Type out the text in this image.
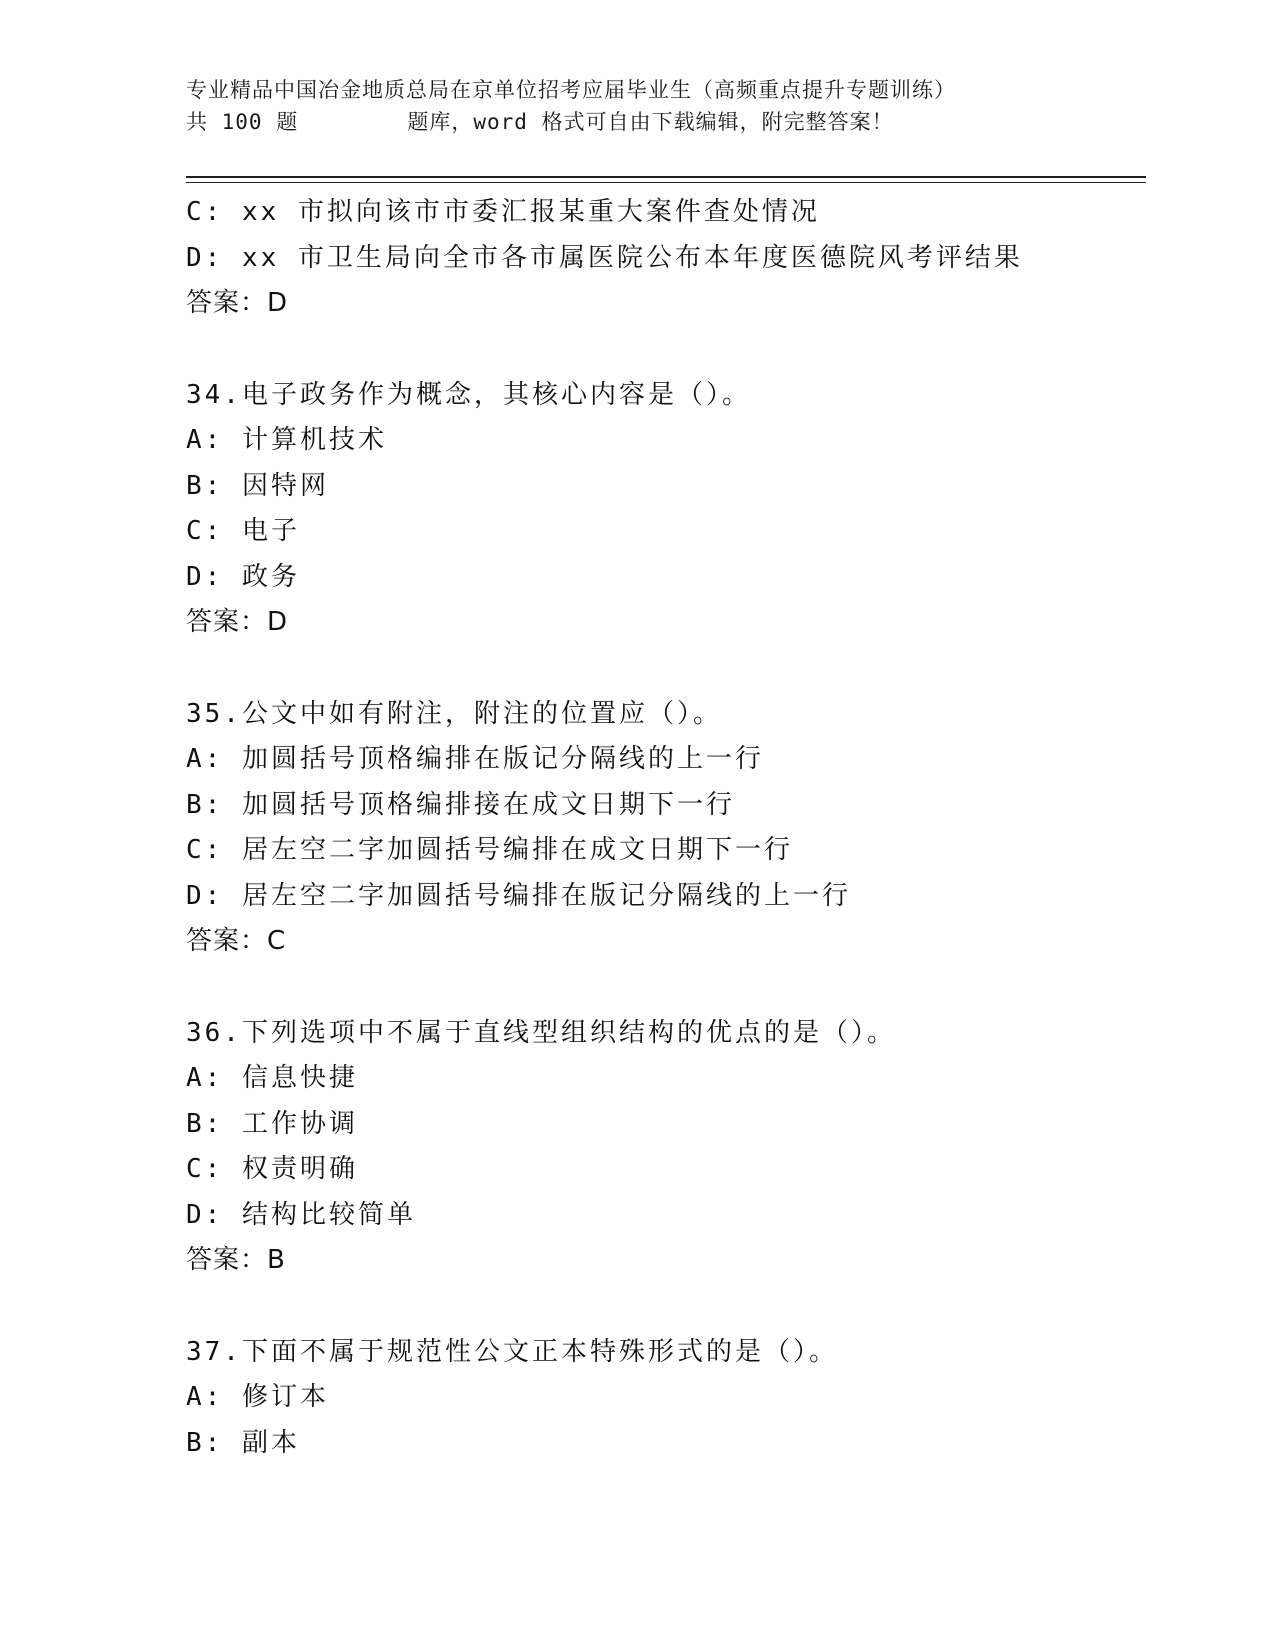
专业精品中国冶金地质总局在京单位招考应届毕业生（高频重点提升专题训练）
共 100 题        题库，word 格式可自由下载编辑，附完整答案！
C: xx 市拟向该市市委汇报某重大案件查处情况
D: xx 市卫生局向全市各市属医院公布本年度医德院风考评结果
答案：D
34.电子政务作为概念，其核心内容是（）。
A: 计算机技术
B: 因特网
C: 电子
D: 政务
答案：D
35.公文中如有附注，附注的位置应（）。
A: 加圆括号顶格编排在版记分隔线的上一行
B: 加圆括号顶格编排接在成文日期下一行
C: 居左空二字加圆括号编排在成文日期下一行
D: 居左空二字加圆括号编排在版记分隔线的上一行
答案：C
36.下列选项中不属于直线型组织结构的优点的是（）。
A: 信息快捷
B: 工作协调
C: 权责明确
D: 结构比较简单
答案：B
37.下面不属于规范性公文正本特殊形式的是（）。
A: 修订本
B: 副本
